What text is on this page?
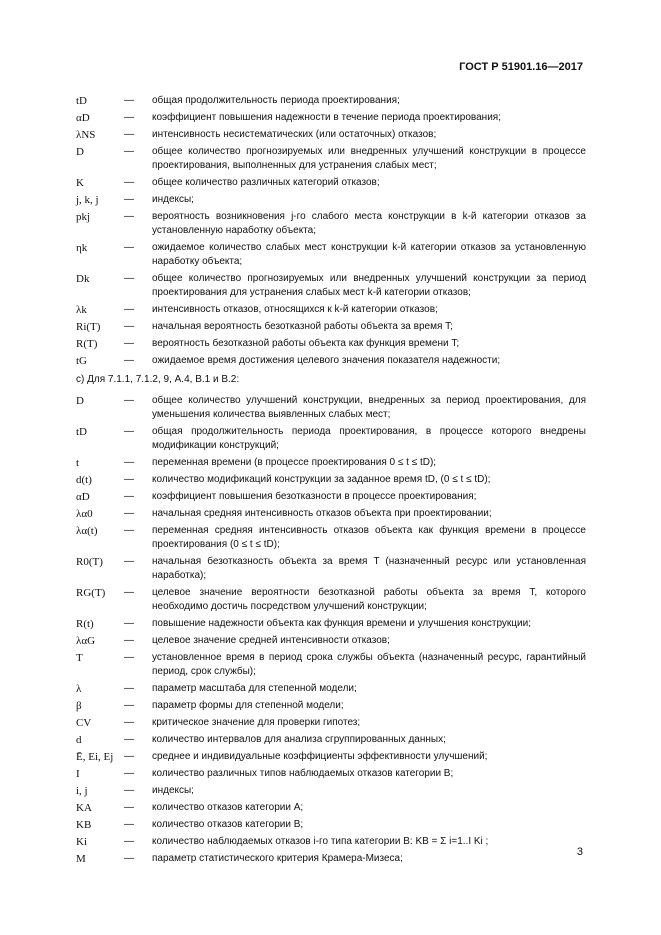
ГОСТ Р 51901.16—2017
tD	—	общая продолжительность периода проектирования;
αD	—	коэффициент повышения надежности в течение периода проектирования;
λNS	—	интенсивность несистематических (или остаточных) отказов;
D	—	общее количество прогнозируемых или внедренных улучшений конструкции в процессе проектирования, выполненных для устранения слабых мест;
K	—	общее количество различных категорий отказов;
j, k, j	—	индексы;
pkj	—	вероятность возникновения j-го слабого места конструкции в k-й категории отказов за установленную наработку объекта;
ηk	—	ожидаемое количество слабых мест конструкции k-й категории отказов за установленную наработку объекта;
Dk	—	общее количество прогнозируемых или внедренных улучшений конструкции за период проектирования для устранения слабых мест k-й категории отказов;
λk	—	интенсивность отказов, относящихся к k-й категории отказов;
Ri(T)	—	начальная вероятность безотказной работы объекта за время T;
R(T)	—	вероятность безотказной работы объекта как функция времени T;
tG	—	ожидаемое время достижения целевого значения показателя надежности;
c) Для 7.1.1, 7.1.2, 9, А.4, В.1 и В.2:
D	—	общее количество улучшений конструкции, внедренных за период проектирования, для уменьшения количества выявленных слабых мест;
tD	—	общая продолжительность периода проектирования, в процессе которого внедрены модификации конструкций;
t	—	переменная времени (в процессе проектирования 0 ≤ t ≤ tD);
d(t)	—	количество модификаций конструкции за заданное время tD, (0 ≤ t ≤ tD);
αD	—	коэффициент повышения безотказности в процессе проектирования;
λα0	—	начальная средняя интенсивность отказов объекта при проектировании;
λα(t)	—	переменная средняя интенсивность отказов объекта как функция времени в процессе проектирования (0 ≤ t ≤ tD);
R0(T)	—	начальная безотказность объекта за время T (назначенный ресурс или установленная наработка);
RG(T)	—	целевое значение вероятности безотказной работы объекта за время T, которого необходимо достичь посредством улучшений конструкции;
R(t)	—	повышение надежности объекта как функция времени и улучшения конструкции;
λαG	—	целевое значение средней интенсивности отказов;
T	—	установленное время в период срока службы объекта (назначенный ресурс, гарантийный период, срок службы);
λ	—	параметр масштаба для степенной модели;
β	—	параметр формы для степенной модели;
CV	—	критическое значение для проверки гипотез;
d	—	количество интервалов для анализа сгруппированных данных;
Ē, Ei, Ej	—	среднее и индивидуальные коэффициенты эффективности улучшений;
I	—	количество различных типов наблюдаемых отказов категории В;
i, j	—	индексы;
KA	—	количество отказов категории А;
KB	—	количество отказов категории В;
Ki	—	количество наблюдаемых отказов i-го типа категории В: KB = Σ i=1..I Ki ;
M	—	параметр статистического критерия Крамера-Мизеса;
3
